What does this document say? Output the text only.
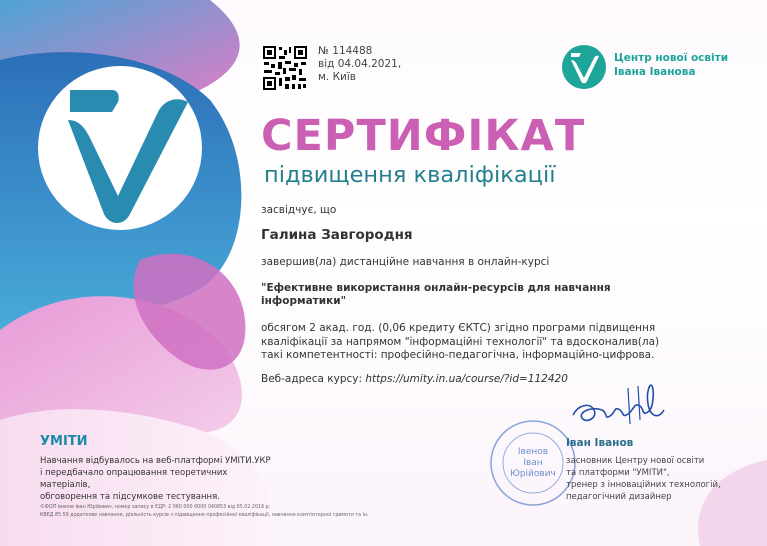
№ 114488
від 04.04.2021,
м. Київ
Центр нової освіти
Івана Іванова
СЕРТИФІКАТ
підвищення кваліфікації
засвідчує, що
Галина Завгородня
завершив(ла) дистанційне навчання в онлайн-курсі
"Ефективне використання онлайн-ресурсів для навчання
інформатики"
обсягом 2 акад. год. (0,06 кредиту ЄКТС) згідно програми підвищення
кваліфікації за напрямом "інформаційні технології" та вдосконалив(ла)
такі компетентності: професійно-педагогічна, інформаційно-цифрова.
Веб-адреса курсу: https://umity.in.ua/course/?id=112420
Івенов
Іван
Юрійович
Іван Іванов
засновник Центру нової освіти
та платформи "УМІТИ",
тренер з інноваційних технологій,
педагогічний дизайнер
УМІТИ
Навчання відбувалось на веб-платформі УМІТИ.УКР
і передбачало опрацювання теоретичних матеріалів,
обговорення та підсумкове тестування.
©ФОП Іванов Іван Юрійович, номер запису в ЄДР: 2 060 000 0000 040853 від 05.02.2016 р.
КВЕД 85.59 додаткове навчання, діяльність курсів з підвищення професійної кваліфікації, навчання комп'ютерної грамоти та ін.
